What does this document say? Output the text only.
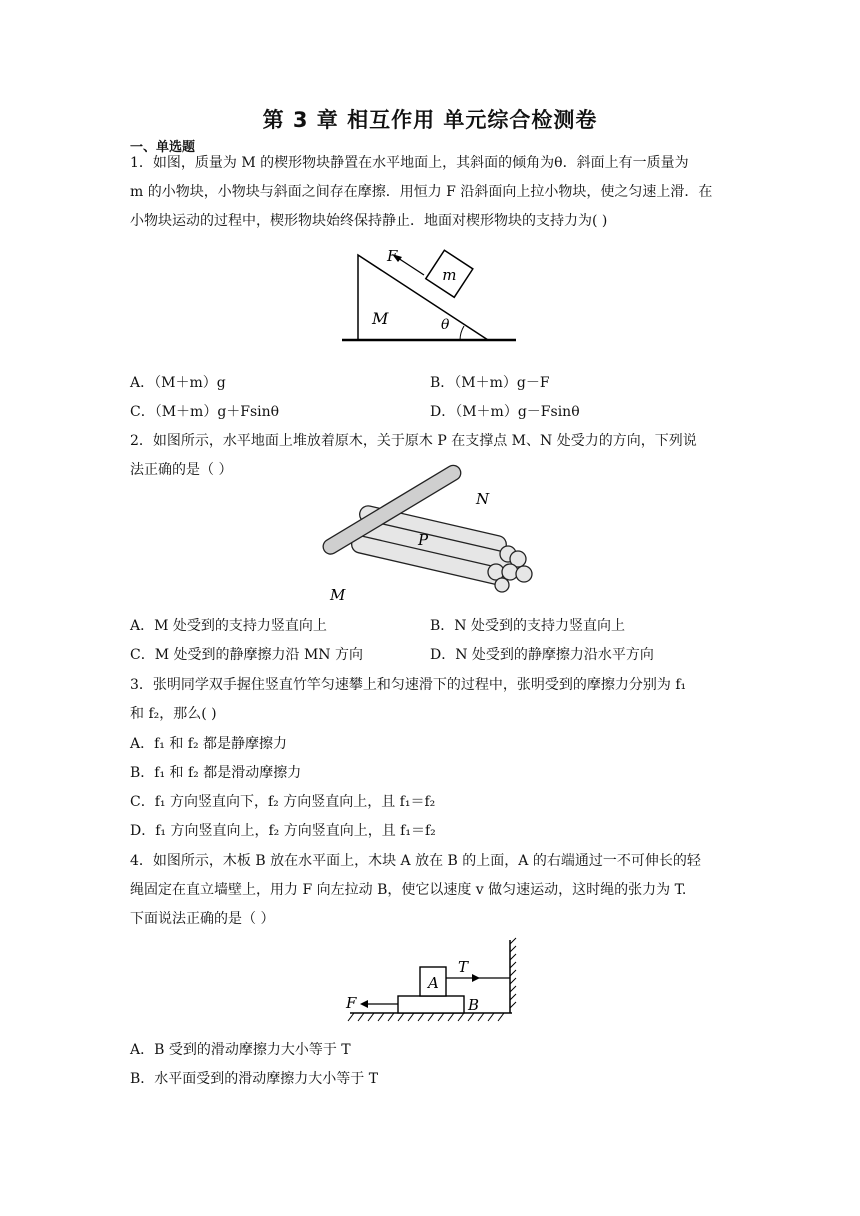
第 3 章 相互作用 单元综合检测卷
一、单选题
1．如图，质量为 M 的楔形物块静置在水平地面上，其斜面的倾角为θ．斜面上有一质量为
m 的小物块，小物块与斜面之间存在摩擦．用恒力 F 沿斜面向上拉小物块，使之匀速上滑．在
小物块运动的过程中，楔形物块始终保持静止．地面对楔形物块的支持力为( )
m
F
M	θ
A．（M＋m）g	B．（M＋m）g－F
C．（M＋m）g＋Fsinθ	D．（M＋m）g－Fsinθ
2．如图所示，水平地面上堆放着原木，关于原木 P 在支撑点 M、N 处受力的方向，下列说
法正确的是（ ）
N
P
M
A．M 处受到的支持力竖直向上	B．N 处受到的支持力竖直向上
C．M 处受到的静摩擦力沿 MN 方向	D．N 处受到的静摩擦力沿水平方向
3．张明同学双手握住竖直竹竿匀速攀上和匀速滑下的过程中，张明受到的摩擦力分别为 f₁
和 f₂，那么( )
A．f₁ 和 f₂ 都是静摩擦力
B．f₁ 和 f₂ 都是滑动摩擦力
C．f₁ 方向竖直向下，f₂ 方向竖直向上，且 f₁＝f₂
D．f₁ 方向竖直向上，f₂ 方向竖直向上，且 f₁＝f₂
4．如图所示，木板 B 放在水平面上，木块 A 放在 B 的上面，A 的右端通过一不可伸长的轻
绳固定在直立墙壁上，用力 F 向左拉动 B，使它以速度 v 做匀速运动，这时绳的张力为 T.
下面说法正确的是（ ）
T
A
F	B
A．B 受到的滑动摩擦力大小等于 T
B．水平面受到的滑动摩擦力大小等于 T
